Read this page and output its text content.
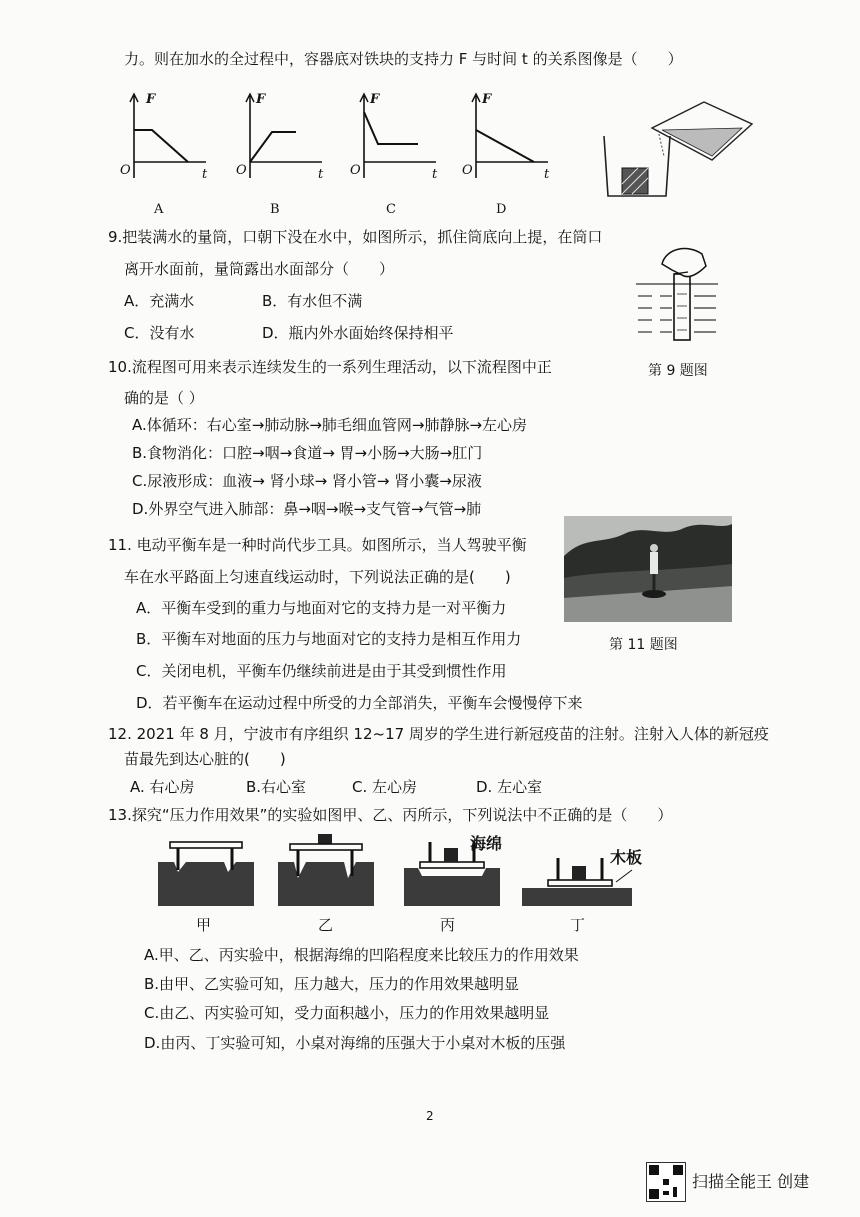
力。则在加水的全过程中，容器底对铁块的支持力 F 与时间 t 的关系图像是（　　）
F
O	t
A
F
O	t
B
F
O	t
C
F
O	t
D
9.把装满水的量筒，口朝下没在水中，如图所示，抓住筒底向上提，在筒口
离开水面前，量筒露出水面部分（　　）
A．充满水	B．有水但不满
C．没有水	D．瓶内外水面始终保持相平
第 9 题图
10.流程图可用来表示连续发生的一系列生理活动，以下流程图中正
确的是（ ）
A.体循环：右心室→肺动脉→肺毛细血管网→肺静脉→左心房
B.食物消化：口腔→咽→食道→ 胃→小肠→大肠→肛门
C.尿液形成：血液→ 肾小球→ 肾小管→ 肾小囊→尿液
D.外界空气进入肺部：鼻→咽→喉→支气管→气管→肺
11. 电动平衡车是一种时尚代步工具。如图所示，当人驾驶平衡
车在水平路面上匀速直线运动时，下列说法正确的是(　　)
A．平衡车受到的重力与地面对它的支持力是一对平衡力
B．平衡车对地面的压力与地面对它的支持力是相互作用力
C．关闭电机，平衡车仍继续前进是由于其受到惯性作用
D．若平衡车在运动过程中所受的力全部消失，平衡车会慢慢停下来
第 11 题图
12. 2021 年 8 月，宁波市有序组织 12~17 周岁的学生进行新冠疫苗的注射。注射入人体的新冠疫
苗最先到达心脏的(　　)
A. 右心房	B.右心室	C. 左心房	D. 左心室
13.探究“压力作用效果”的实验如图甲、乙、丙所示，下列说法中不正确的是（　　）
海绵
木板
甲	乙	丙	丁
A.甲、乙、丙实验中，根据海绵的凹陷程度来比较压力的作用效果
B.由甲、乙实验可知，压力越大，压力的作用效果越明显
C.由乙、丙实验可知，受力面积越小，压力的作用效果越明显
D.由丙、丁实验可知，小桌对海绵的压强大于小桌对木板的压强
2
扫描全能王 创建
